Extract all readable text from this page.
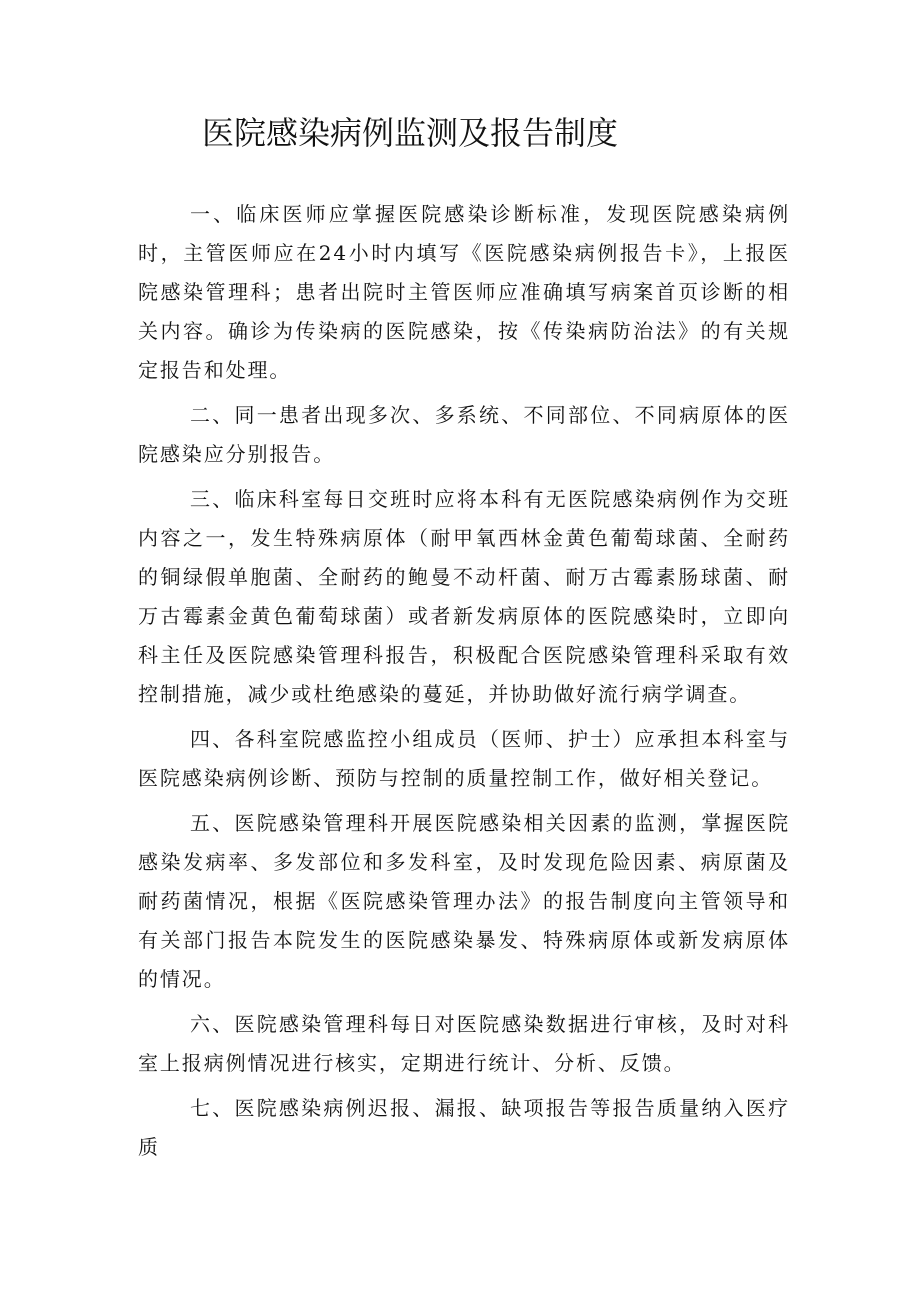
医院感染病例监测及报告制度

一、临床医师应掌握医院感染诊断标准，发现医院感染病例时，主管医师应在24小时内填写《医院感染病例报告卡》，上报医院感染管理科；患者出院时主管医师应准确填写病案首页诊断的相关内容。确诊为传染病的医院感染，按《传染病防治法》的有关规定报告和处理。

二、同一患者出现多次、多系统、不同部位、不同病原体的医院感染应分别报告。

三、临床科室每日交班时应将本科有无医院感染病例作为交班内容之一，发生特殊病原体（耐甲氧西林金黄色葡萄球菌、全耐药的铜绿假单胞菌、全耐药的鲍曼不动杆菌、耐万古霉素肠球菌、耐万古霉素金黄色葡萄球菌）或者新发病原体的医院感染时，立即向科主任及医院感染管理科报告，积极配合医院感染管理科采取有效控制措施，减少或杜绝感染的蔓延，并协助做好流行病学调查。

四、各科室院感监控小组成员（医师、护士）应承担本科室与医院感染病例诊断、预防与控制的质量控制工作，做好相关登记。

五、医院感染管理科开展医院感染相关因素的监测，掌握医院感染发病率、多发部位和多发科室，及时发现危险因素、病原菌及耐药菌情况，根据《医院感染管理办法》的报告制度向主管领导和有关部门报告本院发生的医院感染暴发、特殊病原体或新发病原体的情况。

六、医院感染管理科每日对医院感染数据进行审核，及时对科室上报病例情况进行核实，定期进行统计、分析、反馈。

七、医院感染病例迟报、漏报、缺项报告等报告质量纳入医疗质
